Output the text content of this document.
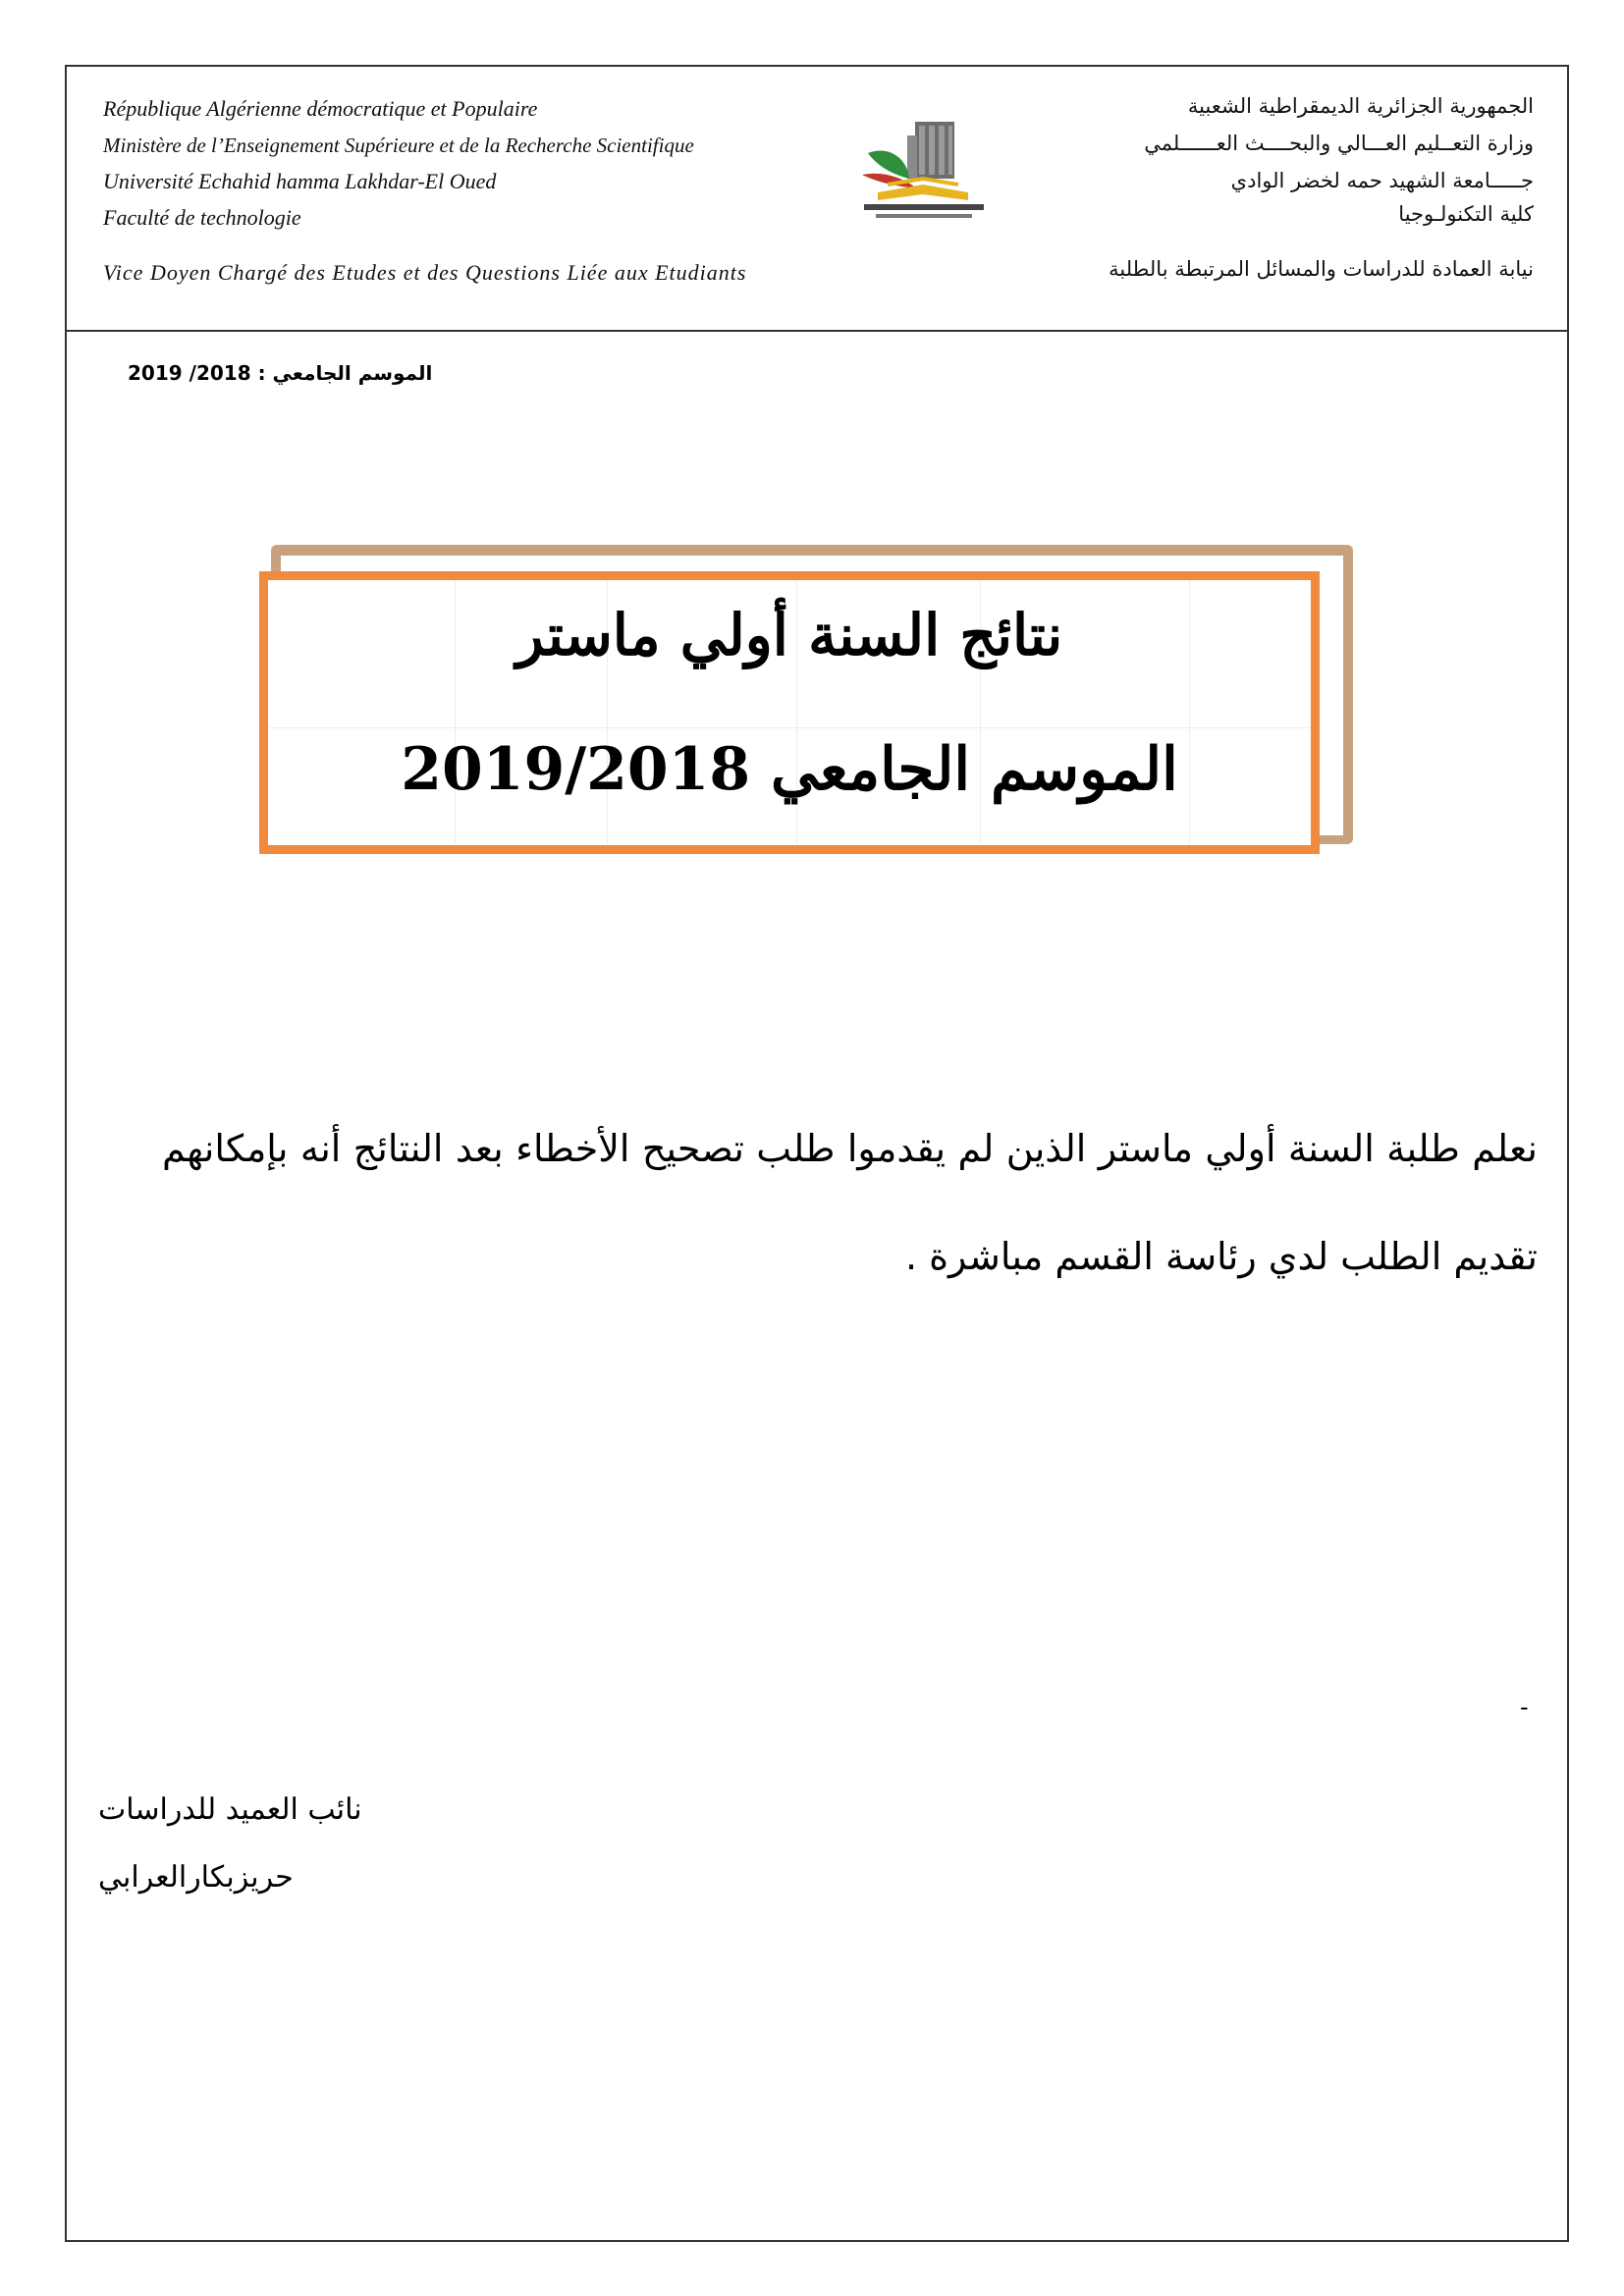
République Algérienne démocratique et Populaire
Ministère de l’Enseignement Supérieure et de la Recherche Scientifique
Université Echahid hamma Lakhdar-El Oued
Faculté de technologie
Vice Doyen Chargé des Etudes et des Questions Liée aux Etudiants
الجمهورية الجزائرية الديمقراطية الشعبية
وزارة التعــليم العـــالي والبحــــث العــــــلمي
جـــــامعة الشهيد حمه لخضر الوادي
كلية التكنولـوجيا
نيابة العمادة للدراسات والمسائل المرتبطة بالطلبة
الموسم الجامعي : 2018/ 2019
نتائج السنة أولي ماستر
الموسم الجامعي 2019/2018
نعلم طلبة السنة أولي ماستر الذين لم يقدموا طلب تصحيح الأخطاء بعد النتائج أنه بإمكانهم تقديم الطلب لدي رئاسة القسم مباشرة .
-
نائب العميد للدراسات
حريزبكارالعرابي
